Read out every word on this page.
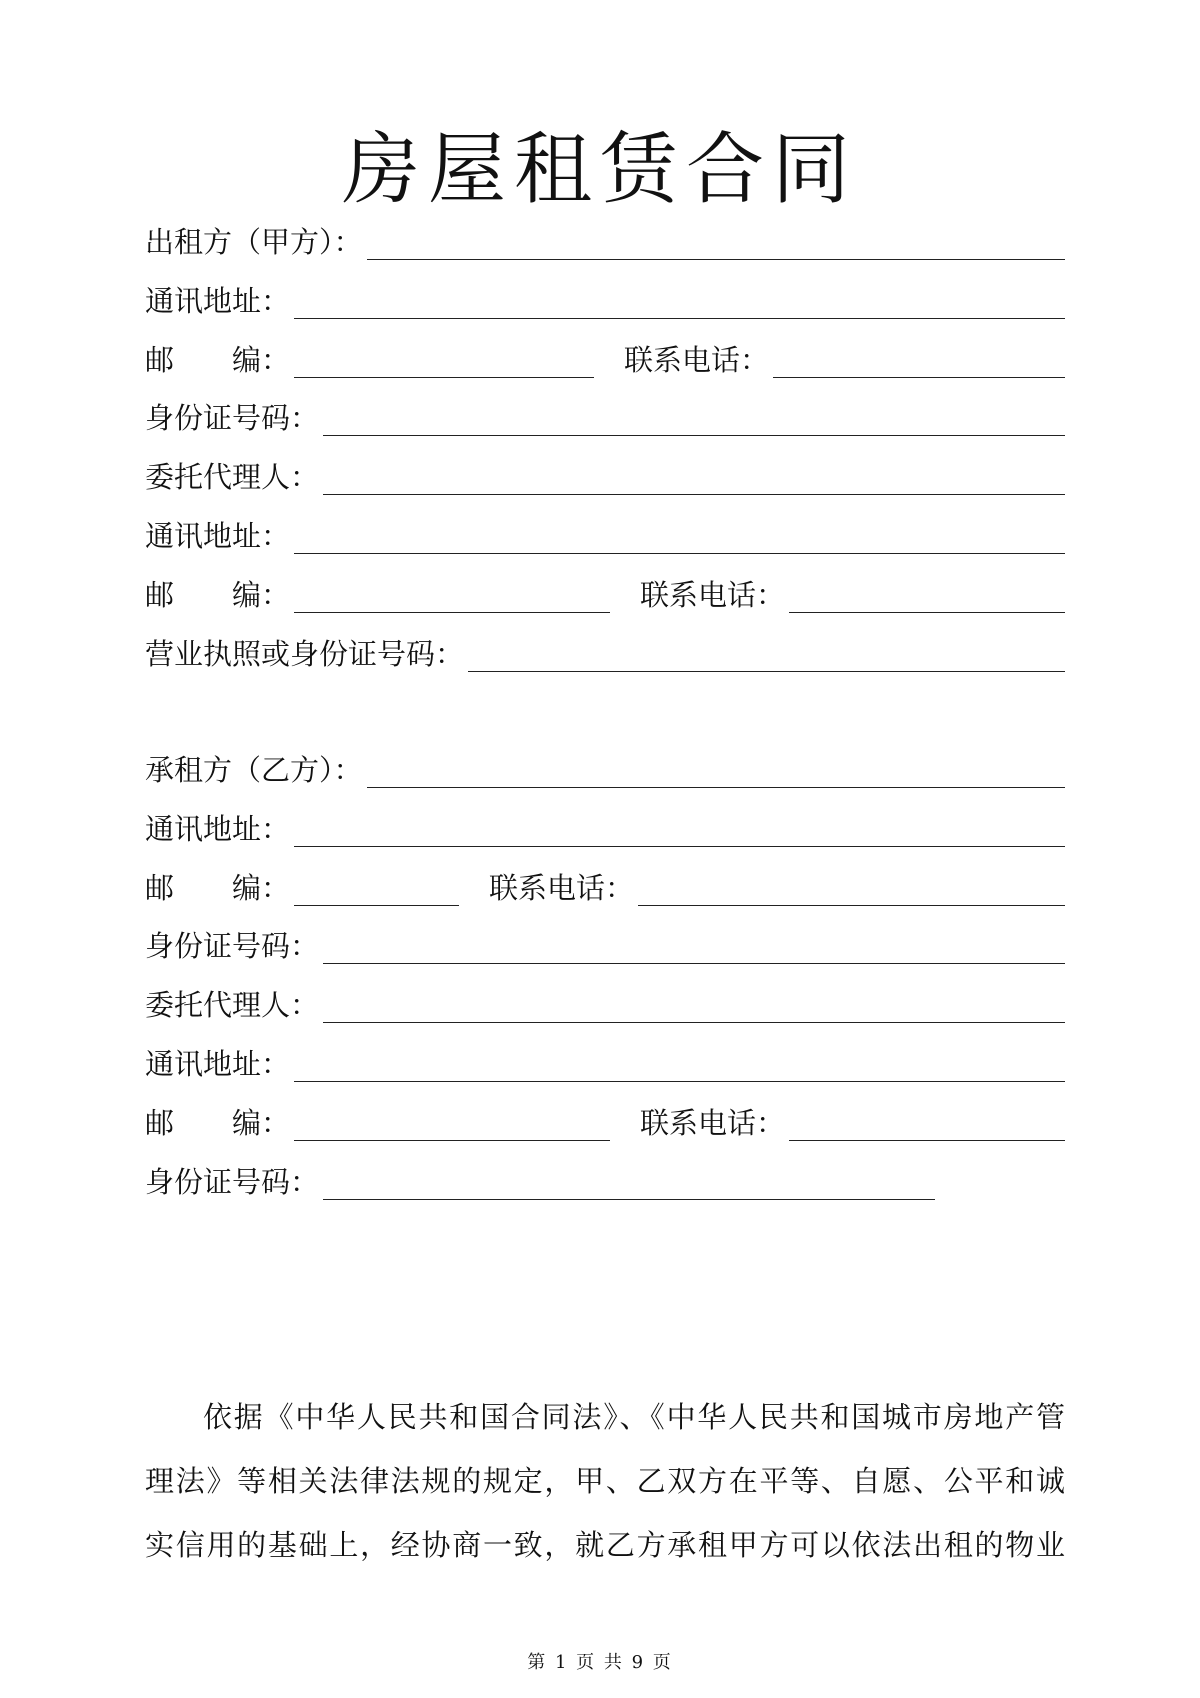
房屋租赁合同
出租方（甲方）：
通讯地址：
邮　　编：	联系电话：
身份证号码：
委托代理人：
通讯地址：
邮　　编：	联系电话：
营业执照或身份证号码：
承租方（乙方）：
通讯地址：
邮　　编：	联系电话：
身份证号码：
委托代理人：
通讯地址：
邮　　编：	联系电话：
身份证号码：
依据《中华人民共和国合同法》、《中华人民共和国城市房地产管
理法》等相关法律法规的规定，甲、乙双方在平等、自愿、公平和诚
实信用的基础上，经协商一致，就乙方承租甲方可以依法出租的物业
第 1 页 共 9 页
